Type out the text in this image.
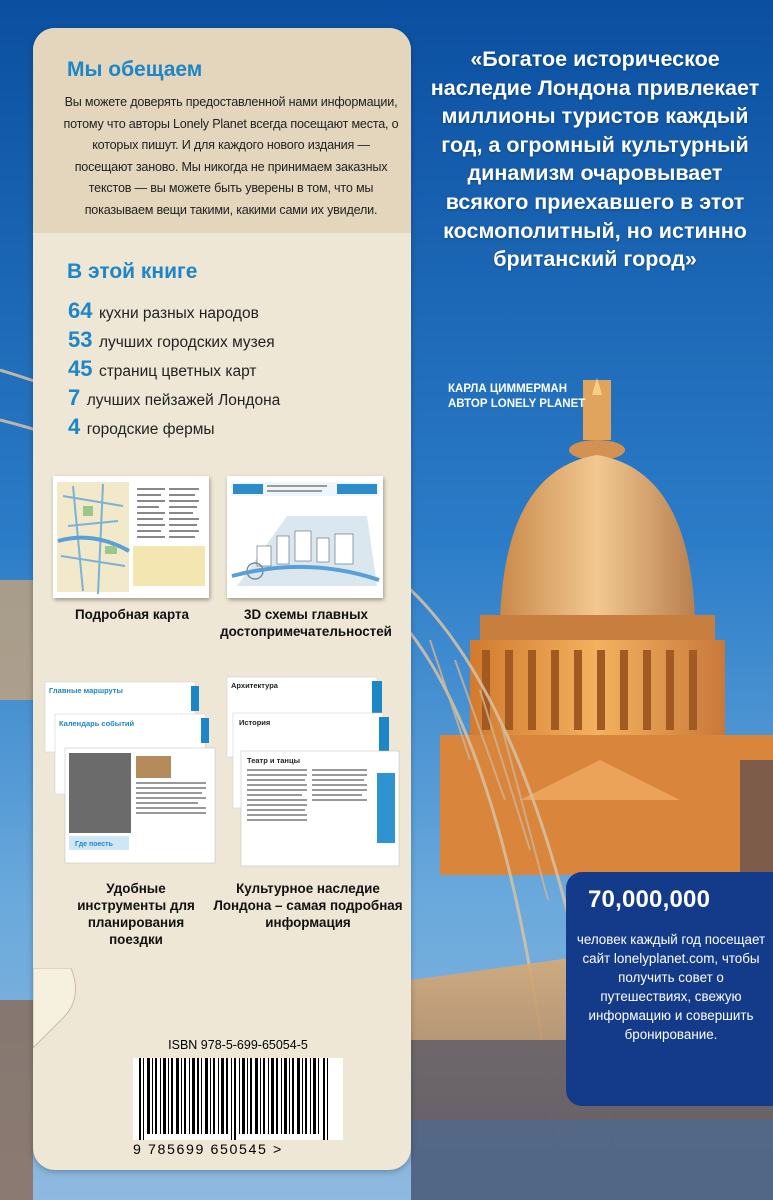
«Богатое историческое наследие Лондона привлекает миллионы туристов каждый год, а огромный культурный динамизм очаровывает всякого приехавшего в этот космополитный, но истинно британский город»
КАРЛА ЦИММЕРМАН
АВТОР LONELY PLANET
Мы обещаем
Вы можете доверять предоставленной нами информации, потому что авторы Lonely Planet всегда посещают места, о которых пишут. И для каждого нового издания — посещают заново. Мы никогда не принимаем заказных текстов — вы можете быть уверены в том, что мы показываем вещи такими, какими сами их увидели.
В этой книге
64 кухни разных народов
53 лучших городских музея
45 страниц цветных карт
7 лучших пейзажей Лондона
4 городские фермы
Подробная карта	3D схемы главных достопримечательностей
Главные маршруты
Календарь событий
Где поесть
Удобные инструменты для планирования поездки
Архитектура
История
Театр и танцы
Культурное наследие Лондона – самая подробная информация
ISBN 978-5-699-65054-5
9 785699 650545 >
70,000,000
человек каждый год посещает сайт lonelyplanet.com, чтобы получить совет о путешествиях, свежую информацию и совершить бронирование.
